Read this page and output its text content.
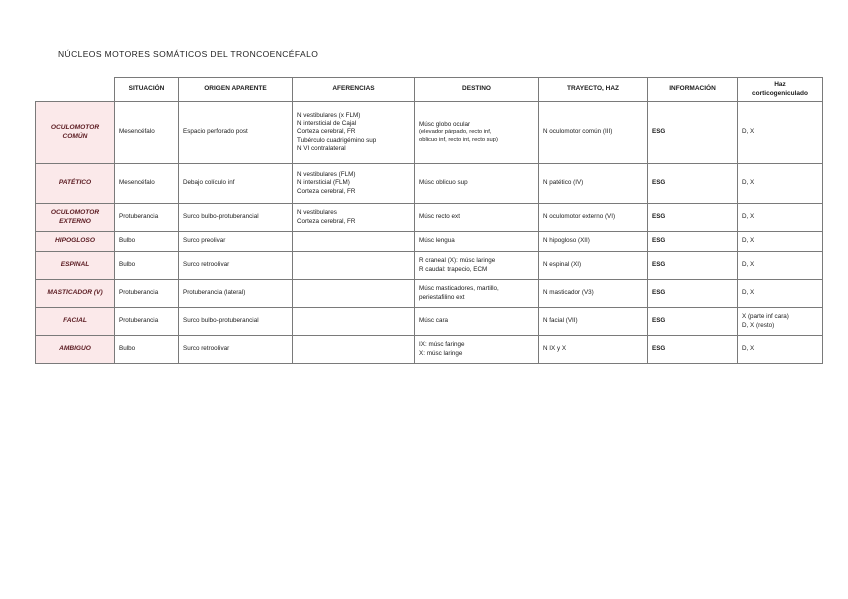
NÚCLEOS MOTORES SOMÁTICOS DEL TRONCOENCÉFALO
	SITUACIÓN	ORIGEN APARENTE	AFERENCIAS	DESTINO	TRAYECTO, HAZ	INFORMACIÓN	Haz
corticogeniculado

OCULOMOTOR
COMÚN	Mesencéfalo	Espacio perforado post	N vestibulares (x FLM)
N intersticial de Cajal
Corteza cerebral, FR
Tubérculo cuadrigémino sup
N VI contralateral	Músc globo ocular
(elevador párpado, recto inf,
oblicuo inf, recto int, recto sup)	N oculomotor común (III)	ESG	D, X

PATÉTICO	Mesencéfalo	Debajo colículo inf	N vestibulares (FLM)
N intersticial (FLM)
Corteza cerebral, FR	Músc oblicuo sup	N patético (IV)	ESG	D, X

OCULOMOTOR
EXTERNO	Protuberancia	Surco bulbo-protuberancial	N vestibulares
Corteza cerebral, FR	Músc recto ext	N oculomotor externo (VI)	ESG	D, X

HIPOGLOSO	Bulbo	Surco preolivar		Músc lengua	N hipogloso (XII)	ESG	D, X

ESPINAL	Bulbo	Surco retroolivar		R craneal (X): músc laringe
R caudal: trapecio, ECM	N espinal (XI)	ESG	D, X

MASTICADOR (V)	Protuberancia	Protuberancia (lateral)		Músc masticadores, martillo,
periestafilino ext	N masticador (V3)	ESG	D, X

FACIAL	Protuberancia	Surco bulbo-protuberancial		Músc cara	N facial (VII)	ESG	X (parte inf cara)
D, X (resto)

AMBIGUO	Bulbo	Surco retroolivar		IX: músc faringe
X: músc laringe	N IX y X	ESG	D, X
